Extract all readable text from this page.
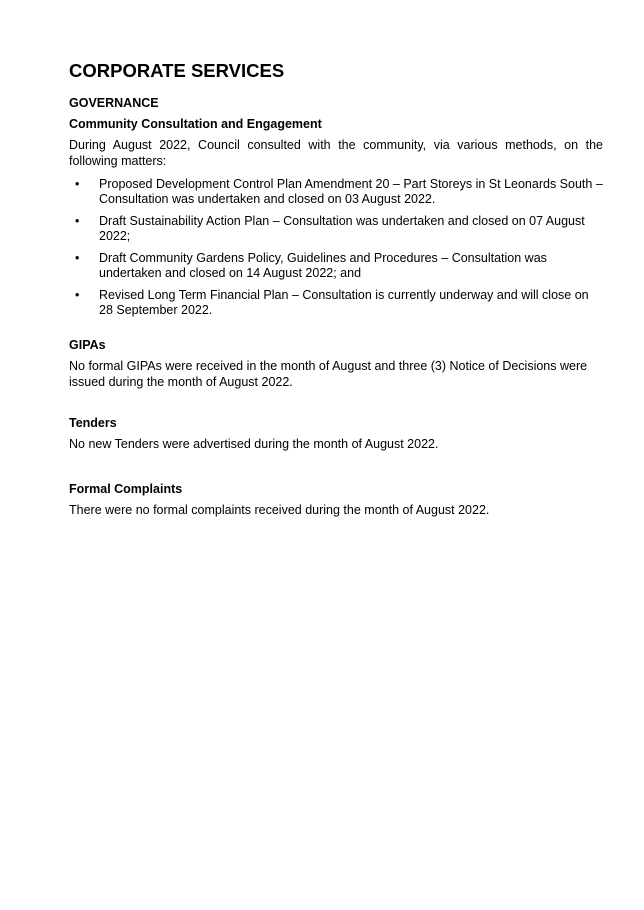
CORPORATE SERVICES
GOVERNANCE
Community Consultation and Engagement

During August 2022, Council consulted with the community, via various methods, on the following matters:

• Proposed Development Control Plan Amendment 20 – Part Storeys in St Leonards South – Consultation was undertaken and closed on 03 August 2022.
• Draft Sustainability Action Plan – Consultation was undertaken and closed on 07 August 2022;
• Draft Community Gardens Policy, Guidelines and Procedures – Consultation was undertaken and closed on 14 August 2022; and
• Revised Long Term Financial Plan – Consultation is currently underway and will close on 28 September 2022.
GIPAs

No formal GIPAs were received in the month of August and three (3) Notice of Decisions were issued during the month of August 2022.

Tenders

No new Tenders were advertised during the month of August 2022.

Formal Complaints

There were no formal complaints received during the month of August 2022.
